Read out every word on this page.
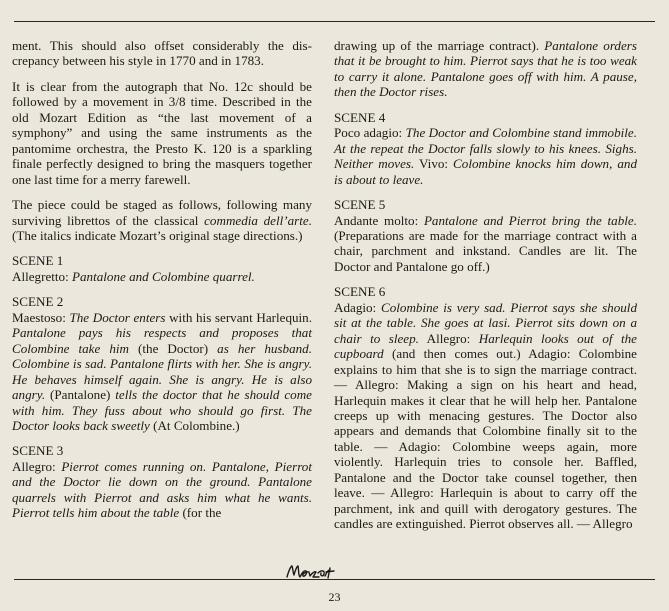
ment. This should also offset considerably the discrepancy between his style in 1770 and in 1783.

It is clear from the autograph that No. 12c should be followed by a movement in 3/8 time. Described in the old Mozart Edition as “the last movement of a symphony” and using the same instruments as the pantomime orchestra, the Presto K. 120 is a sparkling finale perfectly designed to bring the masquers together one last time for a merry farewell.

The piece could be staged as follows, following many surviving librettos of the classical commedia dell’arte. (The italics indicate Mozart’s original stage directions.)

SCENE 1
Allegretto: Pantalone and Colombine quarrel.
SCENE 2
Maestoso: The Doctor enters with his servant Harlequin. Pantalone pays his respects and proposes that Colombine take him (the Doctor) as her husband. Colombine is sad. Pantalone flirts with her. She is angry. He behaves himself again. She is angry. He is also angry. (Pantalone) tells the doctor that he should come with him. They fuss about who should go first. The Doctor looks back sweetly (At Colombine.)
SCENE 3
Allegro: Pierrot comes running on. Pantalone, Pierrot and the Doctor lie down on the ground. Pantalone quarrels with Pierrot and asks him what he wants. Pierrot tells him about the table (for the

drawing up of the marriage contract). Pantalone orders that it be brought to him. Pierrot says that he is too weak to carry it alone. Pantalone goes off with him. A pause, then the Doctor rises.

SCENE 4
Poco adagio: The Doctor and Colombine stand immobile. At the repeat the Doctor falls slowly to his knees. Sighs. Neither moves. Vivo: Colombine knocks him down, and is about to leave.
SCENE 5
Andante molto: Pantalone and Pierrot bring the table. (Preparations are made for the marriage contract with a chair, parchment and inkstand. Candles are lit. The Doctor and Pantalone go off.)
SCENE 6
Adagio: Colombine is very sad. Pierrot says she should sit at the table. She goes at lasi. Pierrot sits down on a chair to sleep. Allegro: Harlequin looks out of the cupboard (and then comes out.) Adagio: Colombine explains to him that she is to sign the marriage contract. — Allegro: Making a sign on his heart and head, Harlequin makes it clear that he will help her. Pantalone creeps up with menacing gestures. The Doctor also appears and demands that Colombine finally sit to the table. — Adagio: Colombine weeps again, more violently. Harlequin tries to console her. Baffled, Pantalone and the Doctor take counsel together, then leave. — Allegro: Harlequin is about to carry off the parchment, ink and quill with derogatory gestures. The candles are extinguished. Pierrot observes all. — Allegro
23
